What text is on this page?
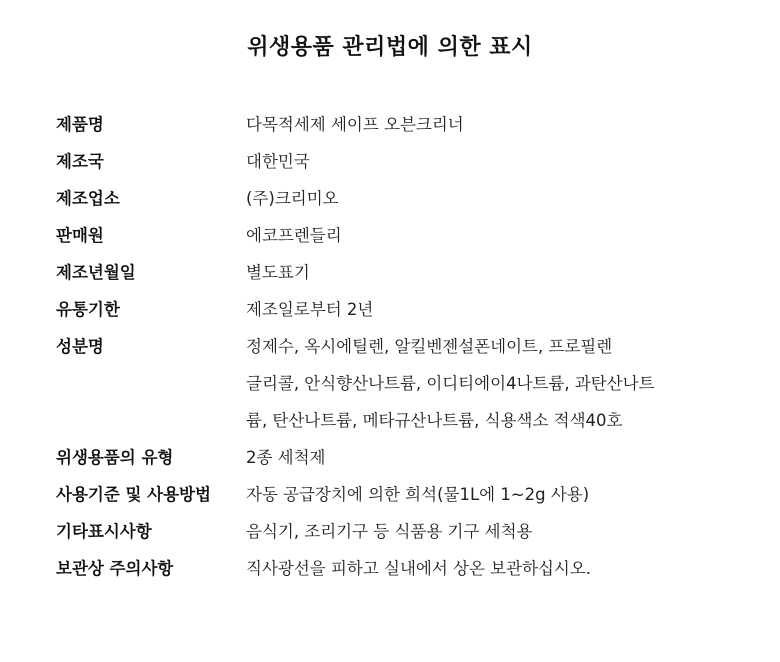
위생용품 관리법에 의한 표시
제품명	다목적세제 세이프 오븐크리너
제조국	대한민국
제조업소	(주)크리미오
판매원	에코프렌들리
제조년월일	별도표기
유통기한	제조일로부터 2년
성분명	정제수, 옥시에틸렌, 알킬벤젠설폰네이트, 프로필렌
글리콜, 안식향산나트륨, 이디티에이4나트륨, 과탄산나트
륨, 탄산나트륨, 메타규산나트륨, 식용색소 적색40호
위생용품의 유형	2종 세척제
사용기준 및 사용방법	자동 공급장치에 의한 희석(물1L에 1~2g 사용)
기타표시사항	음식기, 조리기구 등 식품용 기구 세척용
보관상 주의사항	직사광선을 피하고 실내에서 상온 보관하십시오.
